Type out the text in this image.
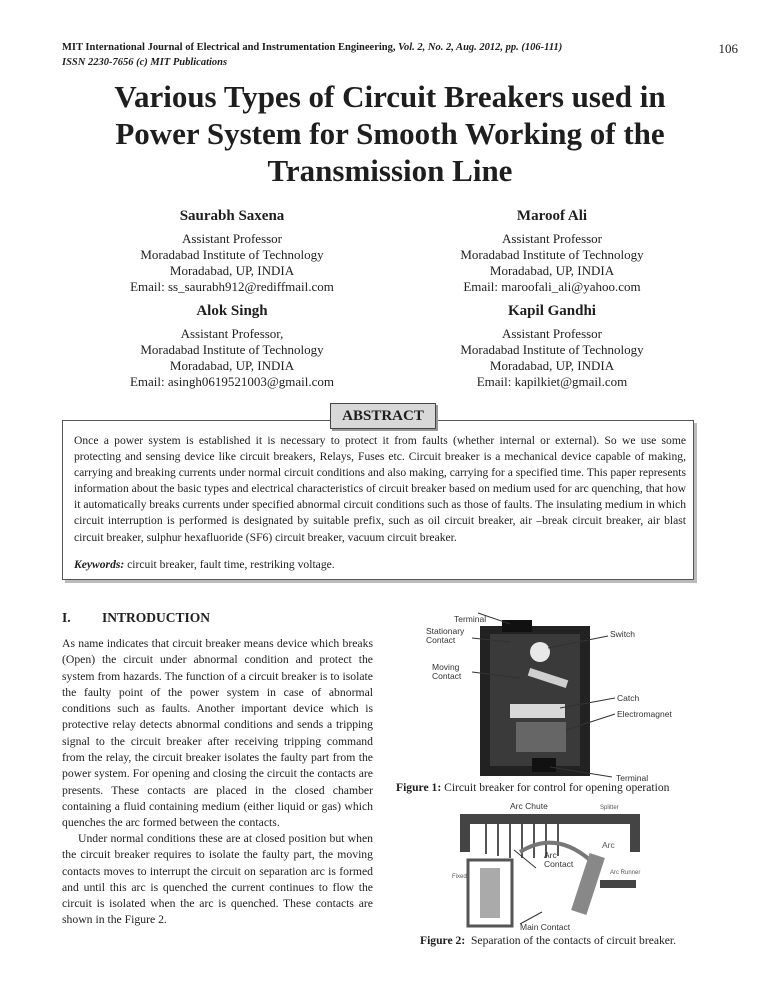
MIT International Journal of Electrical and Instrumentation Engineering, Vol. 2, No. 2, Aug. 2012, pp. (106-111)
ISSN 2230-7656 (c) MIT Publications
106
Various Types of Circuit Breakers used in
Power System for Smooth Working of the
Transmission Line
Saurabh Saxena
Assistant Professor
Moradabad Institute of Technology
Moradabad, UP, INDIA
Email: ss_saurabh912@rediffmail.com
Maroof Ali
Assistant Professor
Moradabad Institute of Technology
Moradabad, UP, INDIA
Email: maroofali_ali@yahoo.com
Alok Singh
Assistant Professor,
Moradabad Institute of Technology
Moradabad, UP, INDIA
Email: asingh0619521003@gmail.com
Kapil Gandhi
Assistant Professor
Moradabad Institute of Technology
Moradabad, UP, INDIA
Email: kapilkiet@gmail.com
ABSTRACT
Once a power system is established it is necessary to protect it from faults (whether internal or external). So we use some protecting and sensing device like circuit breakers, Relays, Fuses etc. Circuit breaker is a mechanical device capable of making, carrying and breaking currents under normal circuit conditions and also making, carrying for a specified time. This paper represents information about the basic types and electrical characteristics of circuit breaker based on medium used for arc quenching, that how it automatically breaks currents under specified abnormal circuit conditions such as those of faults. The insulating medium in which circuit interruption is performed is designated by suitable prefix, such as oil circuit breaker, air –break circuit breaker, air blast circuit breaker, sulphur hexafluoride (SF6) circuit breaker, vacuum circuit breaker.
Keywords: circuit breaker, fault time, restriking voltage.
I. INTRODUCTION
As name indicates that circuit breaker means device which breaks (Open) the circuit under abnormal condition and protect the system from hazards. The function of a circuit breaker is to isolate the faulty point of the power system in case of abnormal conditions such as faults. Another important device which is protective relay detects abnormal conditions and sends a tripping signal to the circuit breaker after receiving tripping command from the relay, the circuit breaker isolates the faulty part from the power system. For opening and closing the circuit the contacts are presents. These contacts are placed in the closed chamber containing a fluid containing medium (either liquid or gas) which quenches the arc formed between the contacts.
Under normal conditions these are at closed position but when the circuit breaker requires to isolate the faulty part, the moving contacts moves to interrupt the circuit on separation arc is formed and until this arc is quenched the current continues to flow the circuit is isolated when the arc is quenched. These contacts are shown in the Figure 2.
Terminal
Stationary
Contact
Switch
Moving
Contact
Catch
Electromagnet
Terminal
Figure 1: Circuit breaker for control for opening operation
Arc Chute	Splitter
Arc
Arc
Contact
Fixed
Arc Runner
Main Contact
Figure 2: Separation of the contacts of circuit breaker.
